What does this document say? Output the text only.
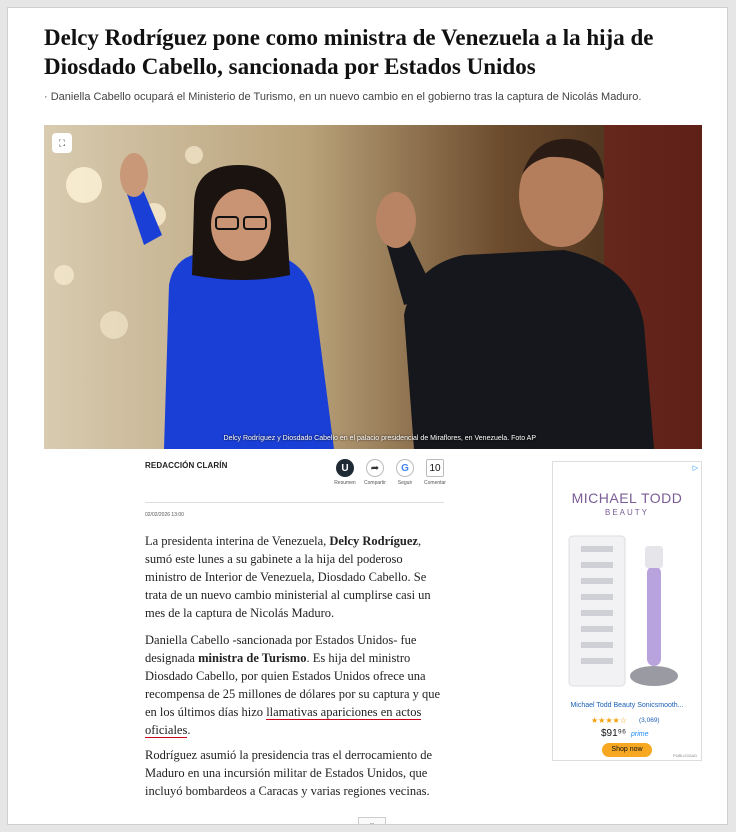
Delcy Rodríguez pone como ministra de Venezuela a la hija de Diosdado Cabello, sancionada por Estados Unidos

· Daniella Cabello ocupará el Ministerio de Turismo, en un nuevo cambio en el gobierno tras la captura de Nicolás Maduro.

⛶
Delcy Rodríguez y Diosdado Cabello en el palacio presidencial de Miraflores, en Venezuela. Foto AP
REDACCIÓN CLARÍN	U
Resumen
➦
Compartir
G
Seguir
10
Comentar
02/02/2026 13:00

La presidenta interina de Venezuela, Delcy Rodríguez, sumó este lunes a su gabinete a la hija del poderoso ministro de Interior de Venezuela, Diosdado Cabello. Se trata de un nuevo cambio ministerial al cumplirse casi un mes de la captura de Nicolás Maduro.

Daniella Cabello -sancionada por Estados Unidos- fue designada ministra de Turismo. Es hija del ministro Diosdado Cabello, por quien Estados Unidos ofrece una recompensa de 25 millones de dólares por su captura y que en los últimos días hizo llamativas apariciones en actos oficiales.

Rodríguez asumió la presidencia tras el derrocamiento de Maduro en una incursión militar de Estados Unidos, que incluyó bombardeos a Caracas y varias regiones vecinas.

▷
MICHAEL TODD
BEAUTY
Michael Todd Beauty Sonicsmooth...
★★★★☆ (3,069)
$91⁹⁶ prime
Shop now
PUBLICIDAD
⌄
